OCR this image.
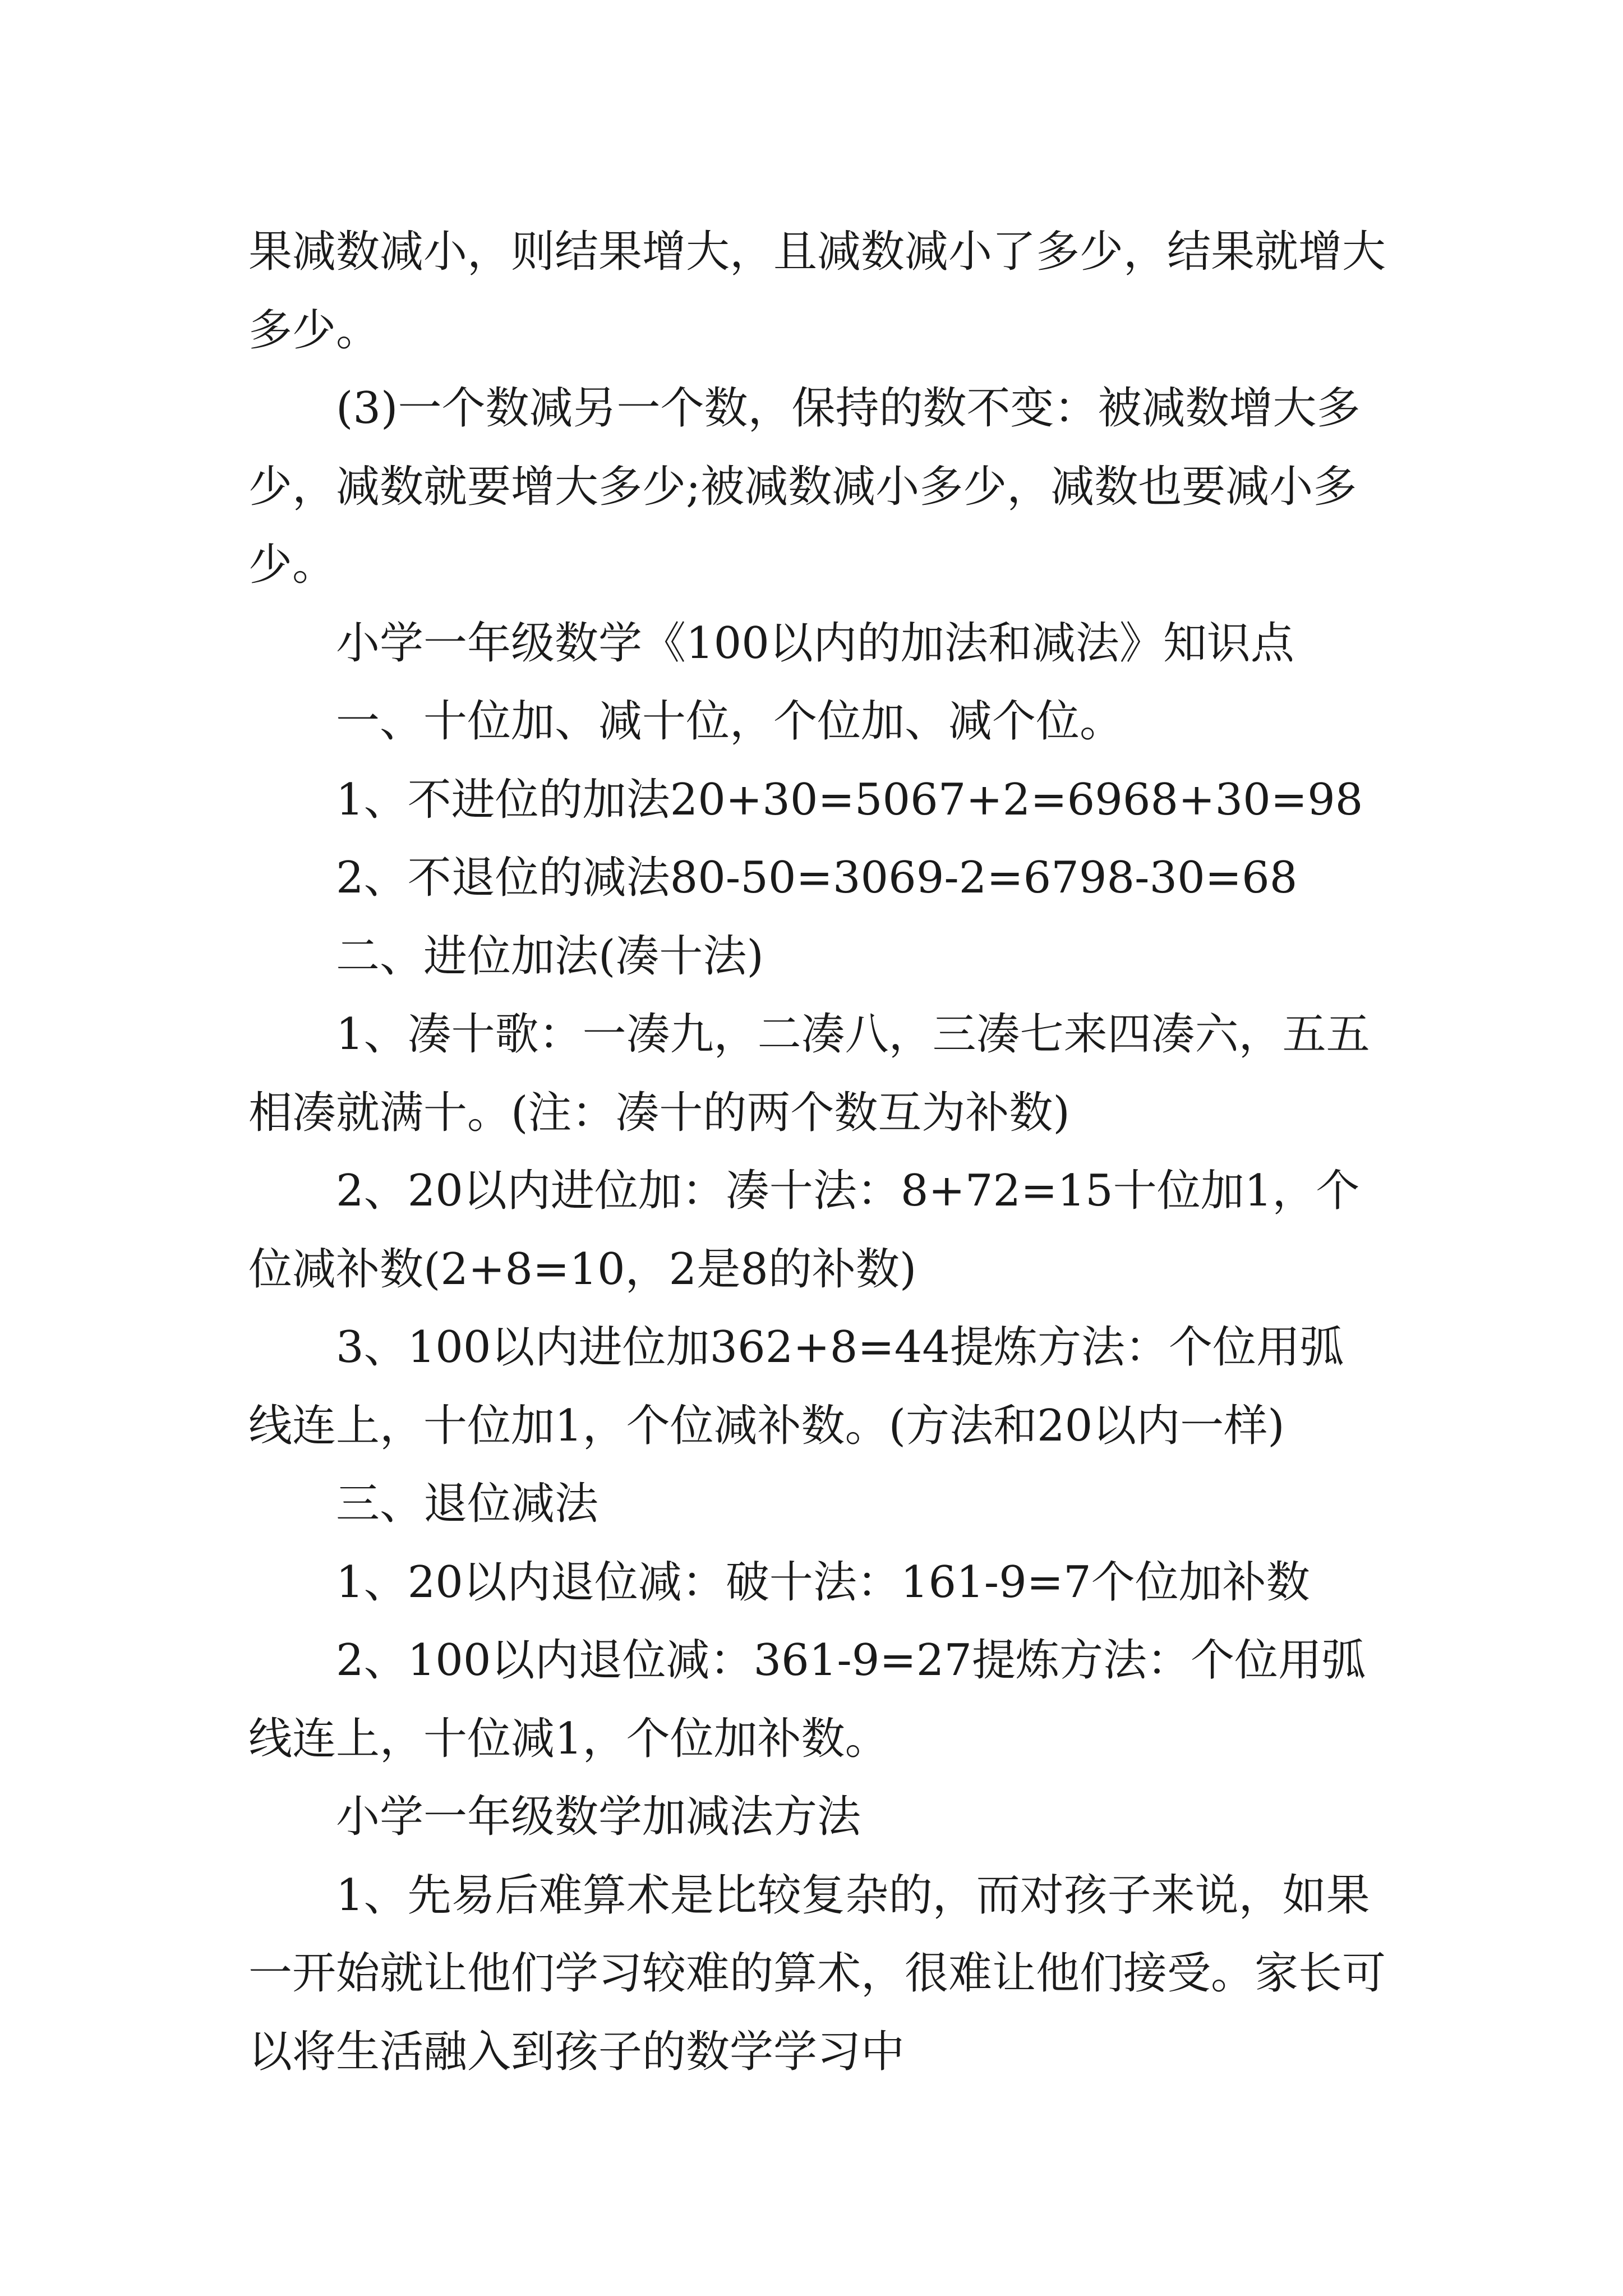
果减数减小，则结果增大，且减数减小了多少，结果就增大多少。

(3)一个数减另一个数，保持的数不变：被减数增大多少，减数就要增大多少;被减数减小多少，减数也要减小多少。

小学一年级数学《100以内的加法和减法》知识点

一、十位加、减十位，个位加、减个位。

1、不进位的加法20+30=5067+2=6968+30=98

2、不退位的减法80-50=3069-2=6798-30=68

二、进位加法(凑十法)

1、凑十歌：一凑九，二凑八，三凑七来四凑六，五五相凑就满十。(注：凑十的两个数互为补数)

2、20以内进位加：凑十法：8+72=15十位加1，个位减补数(2+8=10，2是8的补数)

3、100以内进位加362+8=44提炼方法：个位用弧线连上，十位加1，个位减补数。(方法和20以内一样)

三、退位减法

1、20以内退位减：破十法：161-9=7个位加补数

2、100以内退位减：361-9=27提炼方法：个位用弧线连上，十位减1，个位加补数。

小学一年级数学加减法方法

1、先易后难算术是比较复杂的，而对孩子来说，如果一开始就让他们学习较难的算术，很难让他们接受。家长可以将生活融入到孩子的数学学习中
